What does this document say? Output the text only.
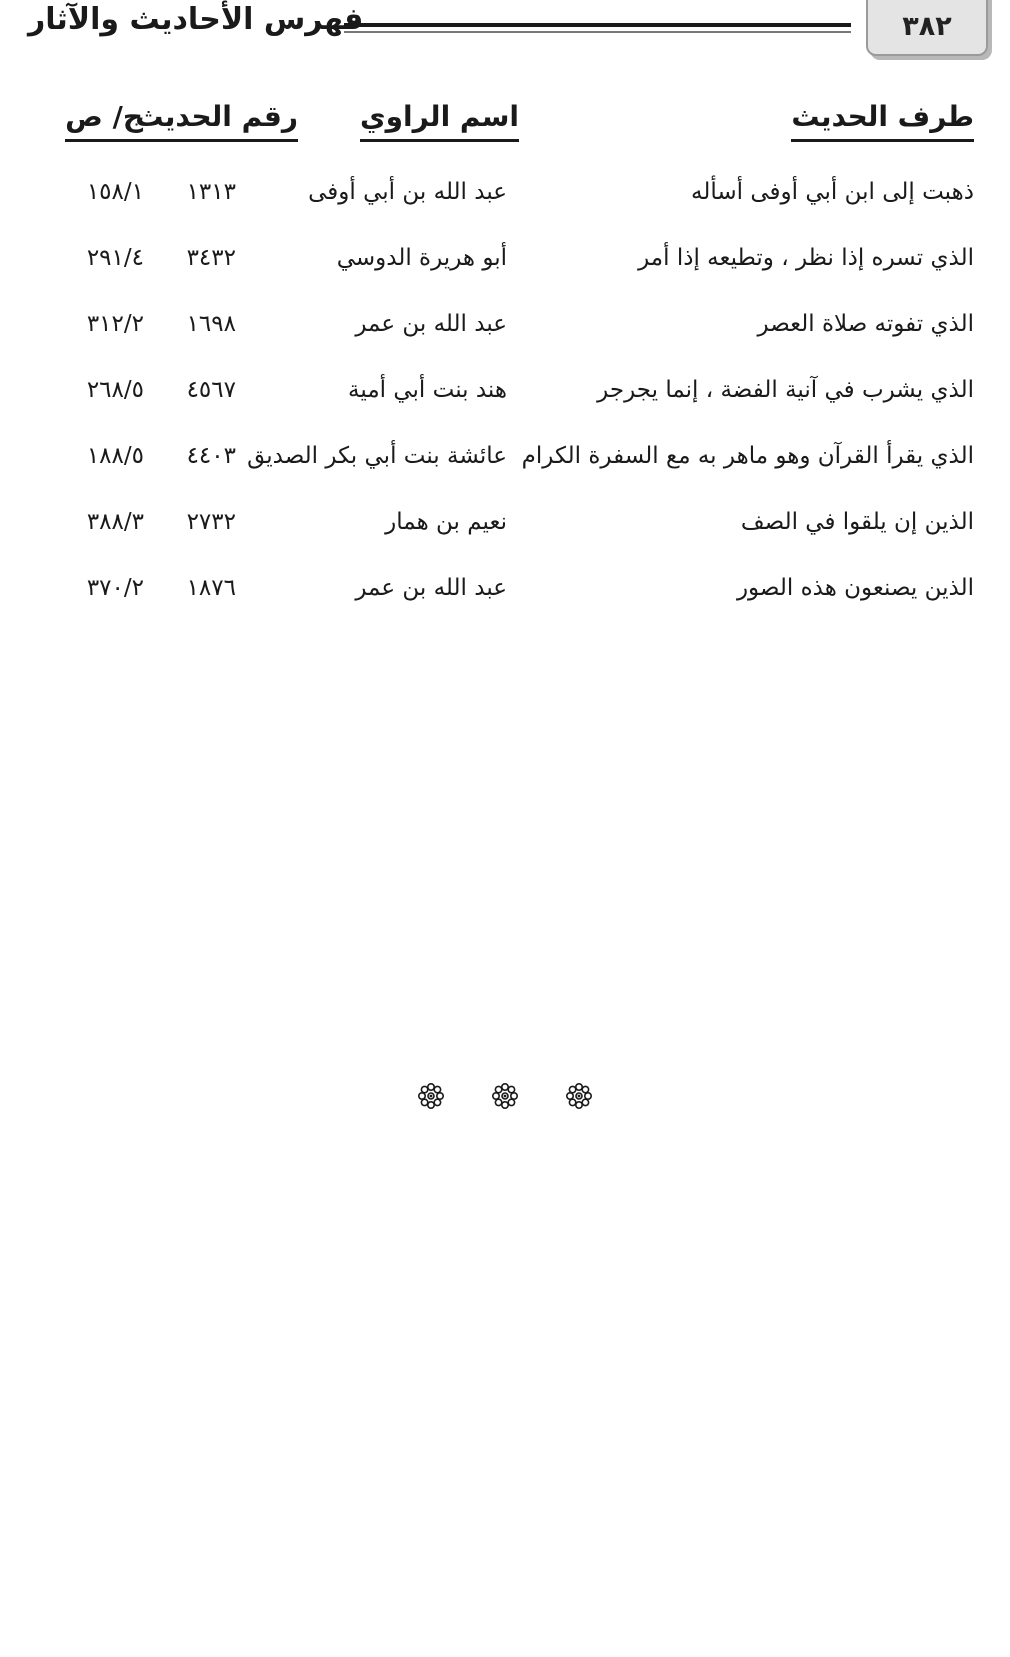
٣٨٢
فهرس الأحاديث والآثار
طرف الحديث
اسم الراوي
رقم الحديث
ج/ ص
ذهبت إلى ابن أبي أوفى أسأله
عبد الله بن أبي أوفى
١٣١٣
١٥٨/١
الذي تسره إذا نظر ، وتطيعه إذا أمر
أبو هريرة الدوسي
٣٤٣٢
٢٩١/٤
الذي تفوته صلاة العصر
عبد الله بن عمر
١٦٩٨
٣١٢/٢
الذي يشرب في آنية الفضة ، إنما يجرجر
هند بنت أبي أمية
٤٥٦٧
٢٦٨/٥
الذي يقرأ القرآن وهو ماهر به مع السفرة الكرام
عائشة بنت أبي بكر الصديق
٤٤٠٣
١٨٨/٥
الذين إن يلقوا في الصف
نعيم بن همار
٢٧٣٢
٣٨٨/٣
الذين يصنعون هذه الصور
عبد الله بن عمر
١٨٧٦
٣٧٠/٢
